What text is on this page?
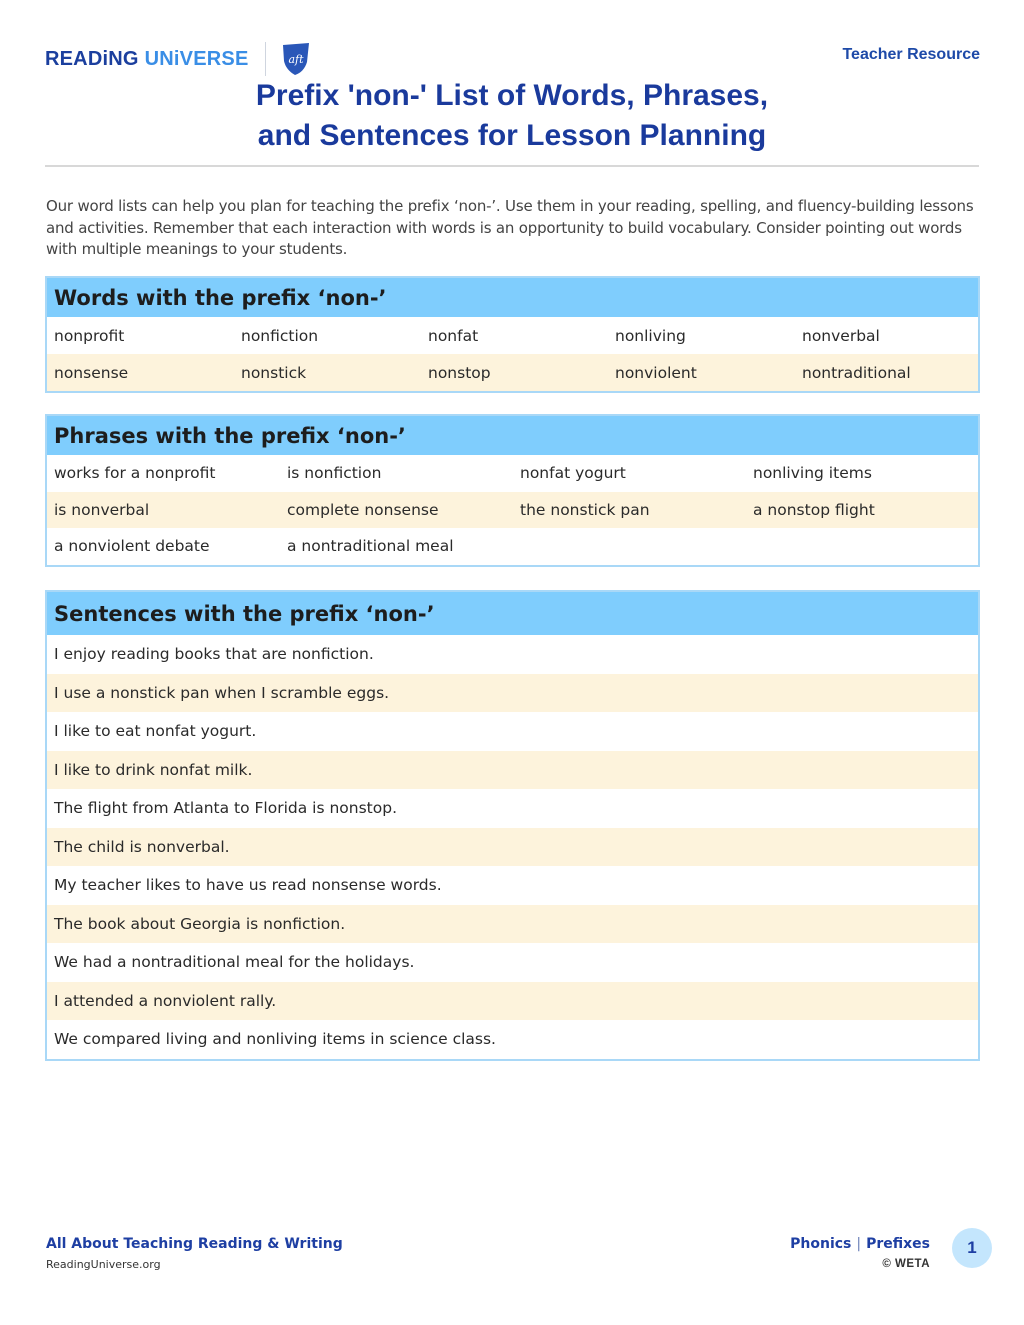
READiNG UNiVERSE	aft	Teacher Resource
Prefix 'non-' List of Words, Phrases,
and Sentences for Lesson Planning

Our word lists can help you plan for teaching the prefix ‘non-’. Use them in your reading, spelling, and fluency-building lessons and activities. Remember that each interaction with words is an opportunity to build vocabulary. Consider pointing out words with multiple meanings to your students.

Words with the prefix ‘non-’
nonprofit	nonfiction	nonfat	nonliving	nonverbal
nonsense	nonstick	nonstop	nonviolent	nontraditional
Phrases with the prefix ‘non-’
works for a nonprofit	is nonfiction	nonfat yogurt	nonliving items
is nonverbal	complete nonsense	the nonstick pan	a nonstop flight
a nonviolent debate	a nontraditional meal
Sentences with the prefix ‘non-’
I enjoy reading books that are nonfiction.
I use a nonstick pan when I scramble eggs.
I like to eat nonfat yogurt.
I like to drink nonfat milk.
The flight from Atlanta to Florida is nonstop.
The child is nonverbal.
My teacher likes to have us read nonsense words.
The book about Georgia is nonfiction.
We had a nontraditional meal for the holidays.
I attended a nonviolent rally.
We compared living and nonliving items in science class.
All About Teaching Reading & Writing
ReadingUniverse.org
Phonics | Prefixes
© WETA
1
